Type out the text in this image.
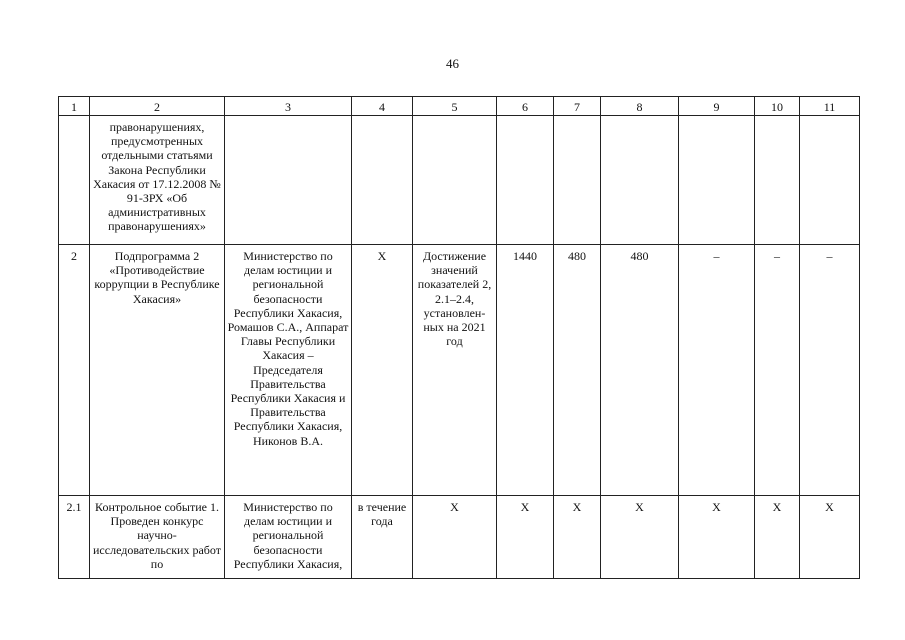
46
1	2	3	4	5	6	7	8	9	10	11
	правонарушениях, предусмотренных отдельными статьями Закона Республики Хакасия от 17.12.2008 № 91-ЗРХ «Об административных правонарушениях»									
2	Подпрограмма 2 «Противодействие коррупции в Республике Хакасия»	Министерство по делам юстиции и региональной безопасности Республики Хакасия, Ромашов С.А., Аппарат Главы Республики Хакасия – Председателя Правительства Республики Хакасия и Правительства Республики Хакасия, Никонов В.А.	Х	Достижение значений показателей 2, 2.1–2.4, установлен-ных на 2021 год	1440	480	480	–	–	–
2.1	Контрольное событие 1. Проведен конкурс научно-исследовательских работ по	Министерство по делам юстиции и региональной безопасности Республики Хакасия,	в течение года	Х	Х	Х	Х	Х	Х	Х
